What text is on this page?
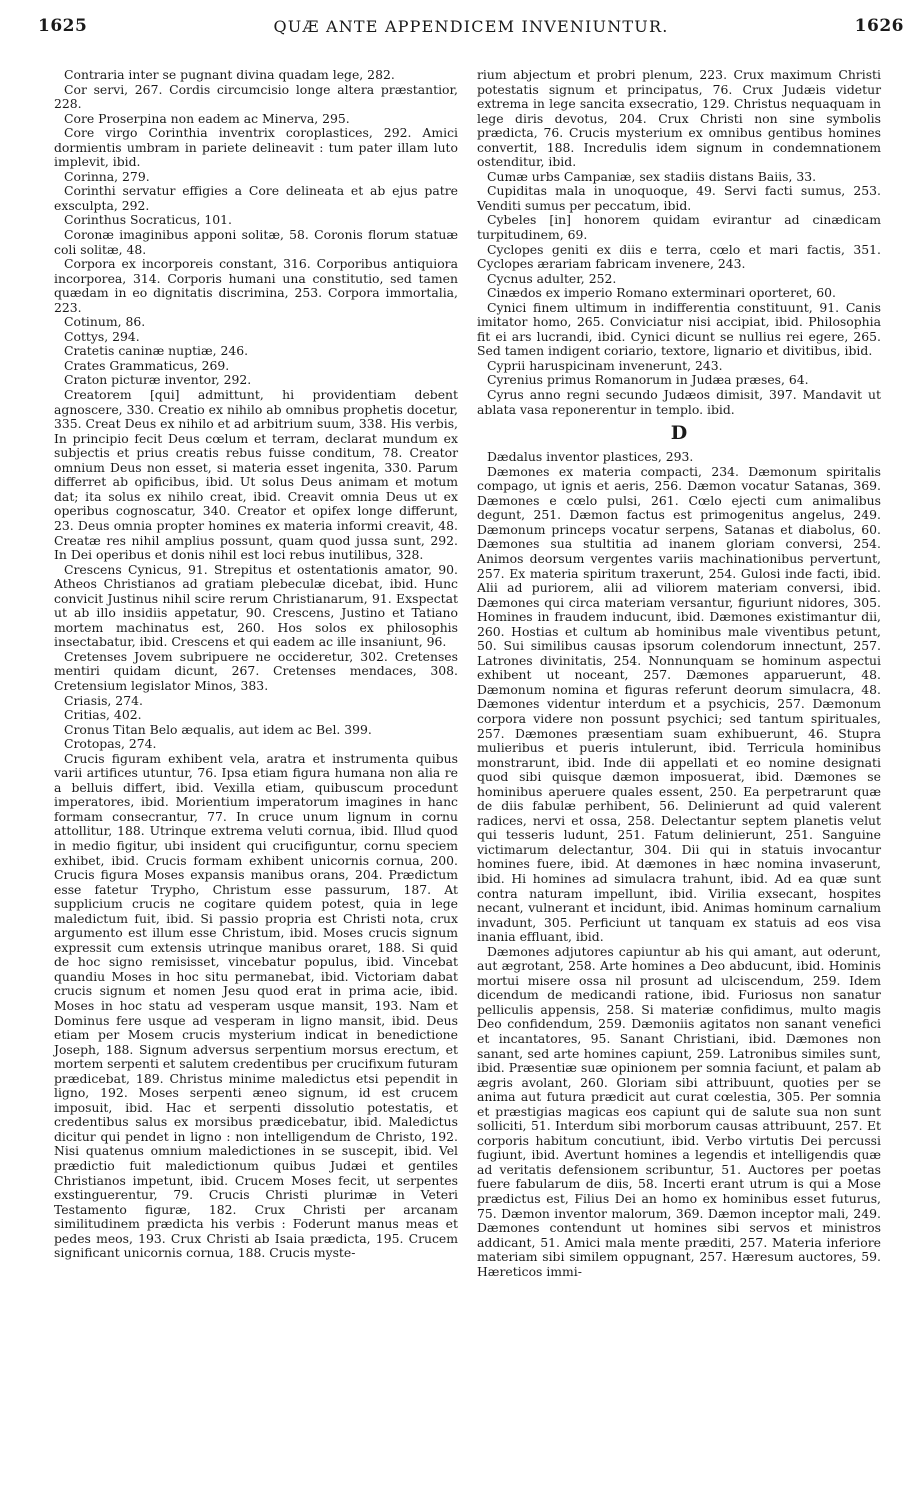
1625	QUÆ ANTE APPENDICEM INVENIUNTUR.	1626

Contraria inter se pugnant divina quadam lege, 282.

Cor servi, 267. Cordis circumcisio longe altera præstantior, 228.

Core Proserpina non eadem ac Minerva, 295.

Core virgo Corinthia inventrix coroplastices, 292. Amici dormientis umbram in pariete delineavit : tum pater illam luto implevit, ibid.

Corinna, 279.

Corinthi servatur effigies a Core delineata et ab ejus patre exsculpta, 292.

Corinthus Socraticus, 101.

Coronæ imaginibus apponi solitæ, 58. Coronis florum statuæ coli solitæ, 48.

Corpora ex incorporeis constant, 316. Corporibus antiquiora incorporea, 314. Corporis humani una constitutio, sed tamen quædam in eo dignitatis discrimina, 253. Corpora immortalia, 223.

Cotinum, 86.

Cottys, 294.

Cratetis caninæ nuptiæ, 246.

Crates Grammaticus, 269.

Craton picturæ inventor, 292.

Creatorem [qui] admittunt, hi providentiam debent agnoscere, 330. Creatio ex nihilo ab omnibus prophetis docetur, 335. Creat Deus ex nihilo et ad arbitrium suum, 338. His verbis, In principio fecit Deus cœlum et terram, declarat mundum ex subjectis et prius creatis rebus fuisse conditum, 78. Creator omnium Deus non esset, si materia esset ingenita, 330. Parum differret ab opificibus, ibid. Ut solus Deus animam et motum dat; ita solus ex nihilo creat, ibid. Creavit omnia Deus ut ex operibus cognoscatur, 340. Creator et opifex longe differunt, 23. Deus omnia propter homines ex materia informi creavit, 48. Creatæ res nihil amplius possunt, quam quod jussa sunt, 292. In Dei operibus et donis nihil est loci rebus inutilibus, 328.

Crescens Cynicus, 91. Strepitus et ostentationis amator, 90. Atheos Christianos ad gratiam plebeculæ dicebat, ibid. Hunc convicit Justinus nihil scire rerum Christianarum, 91. Exspectat ut ab illo insidiis appetatur, 90. Crescens, Justino et Tatiano mortem machinatus est, 260. Hos solos ex philosophis insectabatur, ibid. Crescens et qui eadem ac ille insaniunt, 96.

Cretenses Jovem subripuere ne occideretur, 302. Cretenses mentiri quidam dicunt, 267. Cretenses mendaces, 308. Cretensium legislator Minos, 383.

Criasis, 274.

Critias, 402.

Cronus Titan Belo æqualis, aut idem ac Bel. 399.

Crotopas, 274.

Crucis figuram exhibent vela, aratra et instrumenta quibus varii artifices utuntur, 76. Ipsa etiam figura humana non alia re a belluis differt, ibid. Vexilla etiam, quibuscum procedunt imperatores, ibid. Morientium imperatorum imagines in hanc formam consecrantur, 77. In cruce unum lignum in cornu attollitur, 188. Utrinque extrema veluti cornua, ibid. Illud quod in medio figitur, ubi insident qui crucifiguntur, cornu speciem exhibet, ibid. Crucis formam exhibent unicornis cornua, 200. Crucis figura Moses expansis manibus orans, 204. Prædictum esse fatetur Trypho, Christum esse passurum, 187. At supplicium crucis ne cogitare quidem potest, quia in lege maledictum fuit, ibid. Si passio propria est Christi nota, crux argumento est illum esse Christum, ibid. Moses crucis signum expressit cum extensis utrinque manibus oraret, 188. Si quid de hoc signo remisisset, vincebatur populus, ibid. Vincebat quandiu Moses in hoc situ permanebat, ibid. Victoriam dabat crucis signum et nomen Jesu quod erat in prima acie, ibid. Moses in hoc statu ad vesperam usque mansit, 193. Nam et Dominus fere usque ad vesperam in ligno mansit, ibid. Deus etiam per Mosem crucis mysterium indicat in benedictione Joseph, 188. Signum adversus serpentium morsus erectum, et mortem serpenti et salutem credentibus per crucifixum futuram prædicebat, 189. Christus minime maledictus etsi pependit in ligno, 192. Moses serpenti æneo signum, id est crucem imposuit, ibid. Hac et serpenti dissolutio potestatis, et credentibus salus ex morsibus prædicebatur, ibid. Maledictus dicitur qui pendet in ligno : non intelligendum de Christo, 192. Nisi quatenus omnium maledictiones in se suscepit, ibid. Vel prædictio fuit maledictionum quibus Judæi et gentiles Christianos impetunt, ibid. Crucem Moses fecit, ut serpentes exstinguerentur, 79. Crucis Christi plurimæ in Veteri Testamento figuræ, 182. Crux Christi per arcanam similitudinem prædicta his verbis : Foderunt manus meas et pedes meos, 193. Crux Christi ab Isaia prædicta, 195. Crucem significant unicornis cornua, 188. Crucis myste-

rium abjectum et probri plenum, 223. Crux maximum Christi potestatis signum et principatus, 76. Crux Judæis videtur extrema in lege sancita exsecratio, 129. Christus nequaquam in lege diris devotus, 204. Crux Christi non sine symbolis prædicta, 76. Crucis mysterium ex omnibus gentibus homines convertit, 188. Incredulis idem signum in condemnationem ostenditur, ibid.

Cumæ urbs Campaniæ, sex stadiis distans Baiis, 33.

Cupiditas mala in unoquoque, 49. Servi facti sumus, 253. Venditi sumus per peccatum, ibid.

Cybeles [in] honorem quidam evirantur ad cinædicam turpitudinem, 69.

Cyclopes geniti ex diis e terra, cœlo et mari factis, 351. Cyclopes ærariam fabricam invenere, 243.

Cycnus adulter, 252.

Cinædos ex imperio Romano exterminari oporteret, 60.

Cynici finem ultimum in indifferentia constituunt, 91. Canis imitator homo, 265. Conviciatur nisi accipiat, ibid. Philosophia fit ei ars lucrandi, ibid. Cynici dicunt se nullius rei egere, 265. Sed tamen indigent coriario, textore, lignario et divitibus, ibid.

Cyprii haruspicinam invenerunt, 243.

Cyrenius primus Romanorum in Judæa præses, 64.

Cyrus anno regni secundo Judæos dimisit, 397. Mandavit ut ablata vasa reponerentur in templo. ibid.

D

Dædalus inventor plastices, 293.

Dæmones ex materia compacti, 234. Dæmonum spiritalis compago, ut ignis et aeris, 256. Dæmon vocatur Satanas, 369. Dæmones e cœlo pulsi, 261. Cœlo ejecti cum animalibus degunt, 251. Dæmon factus est primogenitus angelus, 249. Dæmonum princeps vocatur serpens, Satanas et diabolus, 60. Dæmones sua stultitia ad inanem gloriam conversi, 254. Animos deorsum vergentes variis machinationibus pervertunt, 257. Ex materia spiritum traxerunt, 254. Gulosi inde facti, ibid. Alii ad puriorem, alii ad viliorem materiam conversi, ibid. Dæmones qui circa materiam versantur, figuriunt nidores, 305. Homines in fraudem inducunt, ibid. Dæmones existimantur dii, 260. Hostias et cultum ab hominibus male viventibus petunt, 50. Sui similibus causas ipsorum colendorum innectunt, 257. Latrones divinitatis, 254. Nonnunquam se hominum aspectui exhibent ut noceant, 257. Dæmones apparuerunt, 48. Dæmonum nomina et figuras referunt deorum simulacra, 48. Dæmones videntur interdum et a psychicis, 257. Dæmonum corpora videre non possunt psychici; sed tantum spirituales, 257. Dæmones præsentiam suam exhibuerunt, 46. Stupra mulieribus et pueris intulerunt, ibid. Terricula hominibus monstrarunt, ibid. Inde dii appellati et eo nomine designati quod sibi quisque dæmon imposuerat, ibid. Dæmones se hominibus aperuere quales essent, 250. Ea perpetrarunt quæ de diis fabulæ perhibent, 56. Delinierunt ad quid valerent radices, nervi et ossa, 258. Delectantur septem planetis velut qui tesseris ludunt, 251. Fatum delinierunt, 251. Sanguine victimarum delectantur, 304. Dii qui in statuis invocantur homines fuere, ibid. At dæmones in hæc nomina invaserunt, ibid. Hi homines ad simulacra trahunt, ibid. Ad ea quæ sunt contra naturam impellunt, ibid. Virilia exsecant, hospites necant, vulnerant et incidunt, ibid. Animas hominum carnalium invadunt, 305. Perficiunt ut tanquam ex statuis ad eos visa inania effluant, ibid.

Dæmones adjutores capiuntur ab his qui amant, aut oderunt, aut ægrotant, 258. Arte homines a Deo abducunt, ibid. Hominis mortui misere ossa nil prosunt ad ulciscendum, 259. Idem dicendum de medicandi ratione, ibid. Furiosus non sanatur pelliculis appensis, 258. Si materiæ confidimus, multo magis Deo confidendum, 259. Dæmoniis agitatos non sanant venefici et incantatores, 95. Sanant Christiani, ibid. Dæmones non sanant, sed arte homines capiunt, 259. Latronibus similes sunt, ibid. Præsentiæ suæ opinionem per somnia faciunt, et palam ab ægris avolant, 260. Gloriam sibi attribuunt, quoties per se anima aut futura prædicit aut curat cœlestia, 305. Per somnia et præstigias magicas eos capiunt qui de salute sua non sunt solliciti, 51. Interdum sibi morborum causas attribuunt, 257. Et corporis habitum concutiunt, ibid. Verbo virtutis Dei percussi fugiunt, ibid. Avertunt homines a legendis et intelligendis quæ ad veritatis defensionem scribuntur, 51. Auctores per poetas fuere fabularum de diis, 58. Incerti erant utrum is qui a Mose prædictus est, Filius Dei an homo ex hominibus esset futurus, 75. Dæmon inventor malorum, 369. Dæmon inceptor mali, 249. Dæmones contendunt ut homines sibi servos et ministros addicant, 51. Amici mala mente præditi, 257. Materia inferiore materiam sibi similem oppugnant, 257. Hæresum auctores, 59. Hæreticos immi-
